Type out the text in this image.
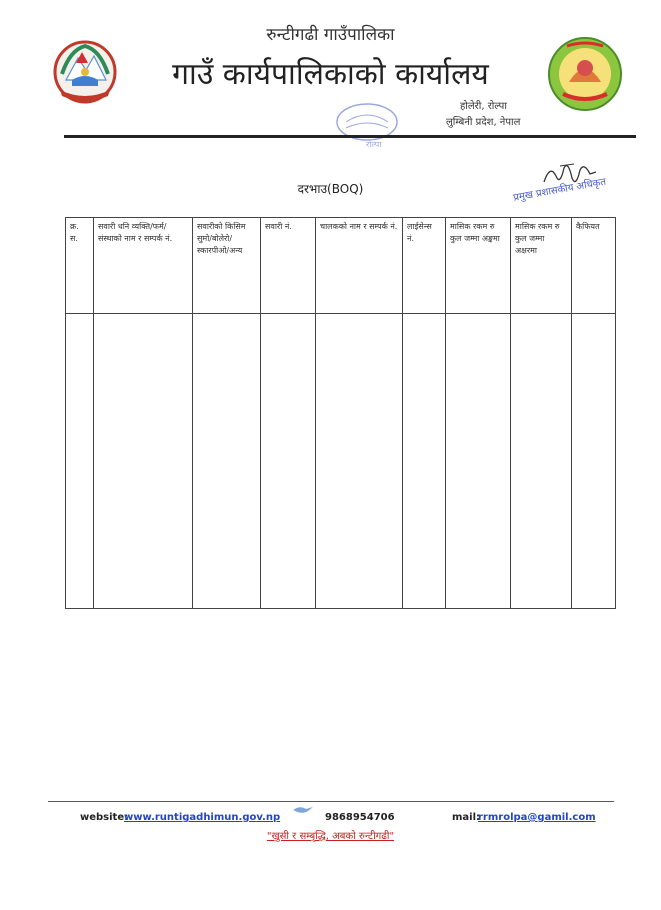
रुन्टीगढी गाउँपालिका
गाउँ कार्यपालिकाको कार्यालय
होलेरी, रोल्पा
लुम्बिनी प्रदेश, नेपाल
रोल्पा
प्रमुख प्रशासकीय अधिकृत
दरभाउ(BOQ)
क्र. स.	सवारी धनि व्यक्ति/फर्म/संस्थाको नाम र सम्पर्क नं.	सवारीको किसिम सुमो/बोलेरो/स्कारपीओ/अन्य	सवारी नं.	चालकको नाम र सम्पर्क नं.	लाईसेन्स नं.	मासिक रकम रु कुल जम्मा अङ्कमा	मासिक रकम रु कुल जम्मा अक्षरमा	कैफियत

website:
www.runtigadhimun.gov.np	9868954706	mail:
rrmrolpa@gamil.com
"खुसी र सम्बृद्धि, अबको रुन्टीगढी"
